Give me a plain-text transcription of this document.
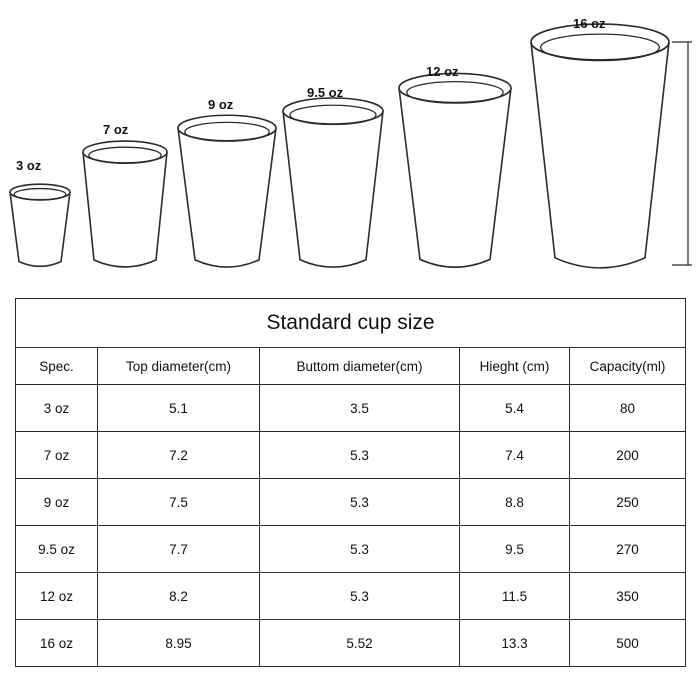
3 oz
7 oz
9 oz
9.5 oz
12 oz
16 oz
Standard cup size				
Spec.	Top diameter(cm)	Buttom diameter(cm)	Hieght (cm)	Capacity(ml)
3 oz	5.1	3.5	5.4	80
7 oz	7.2	5.3	7.4	200
9 oz	7.5	5.3	8.8	250
9.5 oz	7.7	5.3	9.5	270
12 oz	8.2	5.3	11.5	350
16 oz	8.95	5.52	13.3	500
